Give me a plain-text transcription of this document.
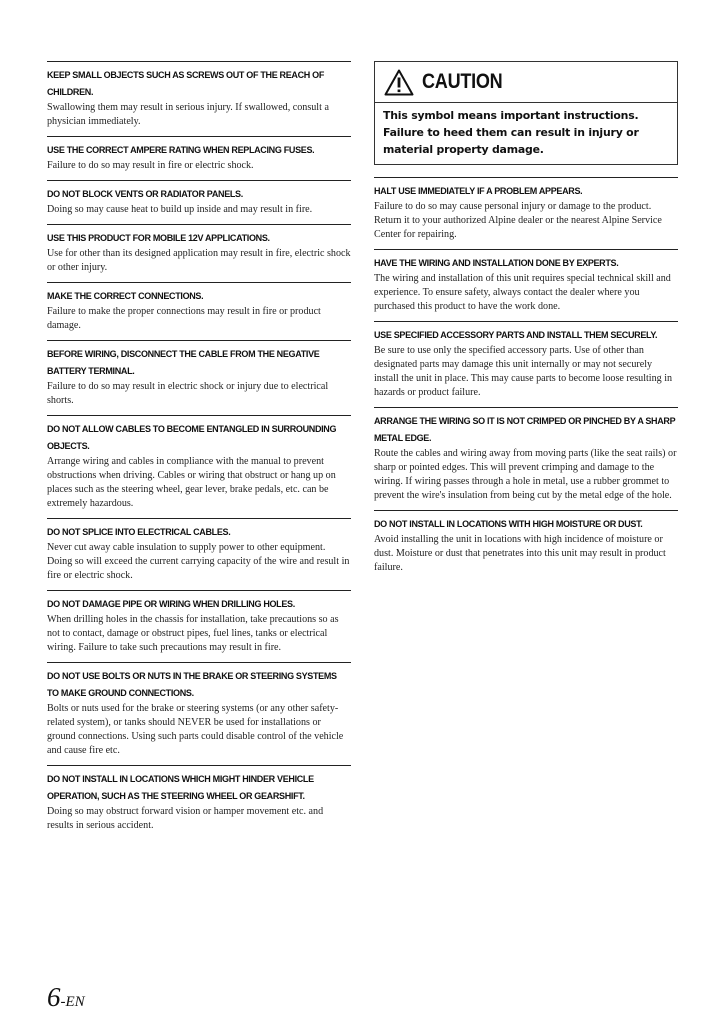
KEEP SMALL OBJECTS SUCH AS SCREWS OUT OF THE REACH OF CHILDREN.
Swallowing them may result in serious injury. If swallowed, consult a physician immediately.
USE THE CORRECT AMPERE RATING WHEN REPLACING FUSES.
Failure to do so may result in fire or electric shock.
DO NOT BLOCK VENTS OR RADIATOR PANELS.
Doing so may cause heat to build up inside and may result in fire.
USE THIS PRODUCT FOR MOBILE 12V APPLICATIONS.
Use for other than its designed application may result in fire, electric shock or other injury.
MAKE THE CORRECT CONNECTIONS.
Failure to make the proper connections may result in fire or product damage.
BEFORE WIRING, DISCONNECT THE CABLE FROM THE NEGATIVE BATTERY TERMINAL.
Failure to do so may result in electric shock or injury due to electrical shorts.
DO NOT ALLOW CABLES TO BECOME ENTANGLED IN SURROUNDING OBJECTS.
Arrange wiring and cables in compliance with the manual to prevent obstructions when driving. Cables or wiring that obstruct or hang up on places such as the steering wheel, gear lever, brake pedals, etc. can be extremely hazardous.
DO NOT SPLICE INTO ELECTRICAL CABLES.
Never cut away cable insulation to supply power to other equipment. Doing so will exceed the current carrying capacity of the wire and result in fire or electric shock.
DO NOT DAMAGE PIPE OR WIRING WHEN DRILLING HOLES.
When drilling holes in the chassis for installation, take precautions so as not to contact, damage or obstruct pipes, fuel lines, tanks or electrical wiring. Failure to take such precautions may result in fire.
DO NOT USE BOLTS OR NUTS IN THE BRAKE OR STEERING SYSTEMS TO MAKE GROUND CONNECTIONS.
Bolts or nuts used for the brake or steering systems (or any other safety-related system), or tanks should NEVER be used for installations or ground connections. Using such parts could disable control of the vehicle and cause fire etc.
DO NOT INSTALL IN LOCATIONS WHICH MIGHT HINDER VEHICLE OPERATION, SUCH AS THE STEERING WHEEL OR GEARSHIFT.
Doing so may obstruct forward vision or hamper movement etc. and results in serious accident.
CAUTION
This symbol means important instructions. Failure to heed them can result in injury or material property damage.
HALT USE IMMEDIATELY IF A PROBLEM APPEARS.
Failure to do so may cause personal injury or damage to the product. Return it to your authorized Alpine dealer or the nearest Alpine Service Center for repairing.
HAVE THE WIRING AND INSTALLATION DONE BY EXPERTS.
The wiring and installation of this unit requires special technical skill and experience. To ensure safety, always contact the dealer where you purchased this product to have the work done.
USE SPECIFIED ACCESSORY PARTS AND INSTALL THEM SECURELY.
Be sure to use only the specified accessory parts. Use of other than designated parts may damage this unit internally or may not securely install the unit in place. This may cause parts to become loose resulting in hazards or product failure.
ARRANGE THE WIRING SO IT IS NOT CRIMPED OR PINCHED BY A SHARP METAL EDGE.
Route the cables and wiring away from moving parts (like the seat rails) or sharp or pointed edges. This will prevent crimping and damage to the wiring. If wiring passes through a hole in metal, use a rubber grommet to prevent the wire's insulation from being cut by the metal edge of the hole.
DO NOT INSTALL IN LOCATIONS WITH HIGH MOISTURE OR DUST.
Avoid installing the unit in locations with high incidence of moisture or dust. Moisture or dust that penetrates into this unit may result in product failure.
6-EN
